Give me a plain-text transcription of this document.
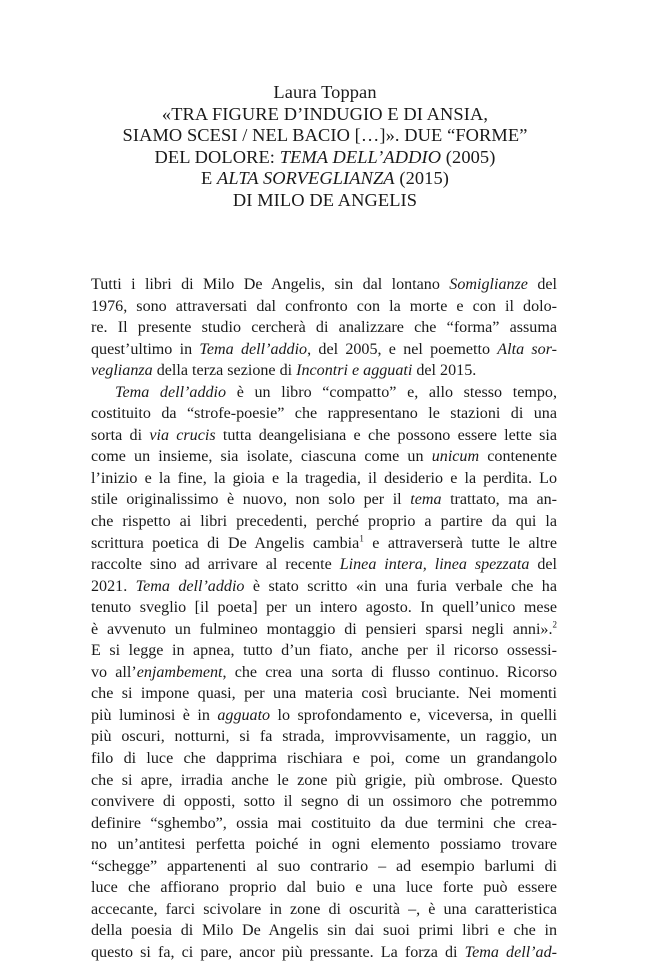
Laura Toppan
«TRA FIGURE D’INDUGIO E DI ANSIA,
SIAMO SCESI / NEL BACIO […]». DUE “FORME”
DEL DOLORE: TEMA DELL’ADDIO (2005)
E ALTA SORVEGLIANZA (2015)
DI MILO DE ANGELIS
Tutti i libri di Milo De Angelis, sin dal lontano Somiglianze del
1976, sono attraversati dal confronto con la morte e con il dolo-
re. Il presente studio cercherà di analizzare che “forma” assuma
quest’ultimo in Tema dell’addio, del 2005, e nel poemetto Alta sor-
veglianza della terza sezione di Incontri e agguati del 2015.
Tema dell’addio è un libro “compatto” e, allo stesso tempo,
costituito da “strofe-poesie” che rappresentano le stazioni di una
sorta di via crucis tutta deangelisiana e che possono essere lette sia
come un insieme, sia isolate, ciascuna come un unicum contenente
l’inizio e la fine, la gioia e la tragedia, il desiderio e la perdita. Lo
stile originalissimo è nuovo, non solo per il tema trattato, ma an-
che rispetto ai libri precedenti, perché proprio a partire da qui la
scrittura poetica di De Angelis cambia$^1$ e attraverserà tutte le altre
raccolte sino ad arrivare al recente Linea intera, linea spezzata del
2021. Tema dell’addio è stato scritto «in una furia verbale che ha
tenuto sveglio [il poeta] per un intero agosto. In quell’unico mese
è avvenuto un fulmineo montaggio di pensieri sparsi negli anni».$^2$
E si legge in apnea, tutto d’un fiato, anche per il ricorso ossessi-
vo all’enjambement, che crea una sorta di flusso continuo. Ricorso
che si impone quasi, per una materia così bruciante. Nei momenti
più luminosi è in agguato lo sprofondamento e, viceversa, in quelli
più oscuri, notturni, si fa strada, improvvisamente, un raggio, un
filo di luce che dapprima rischiara e poi, come un grandangolo
che si apre, irradia anche le zone più grigie, più ombrose. Questo
convivere di opposti, sotto il segno di un ossimoro che potremmo
definire “sghembo”, ossia mai costituito da due termini che crea-
no un’antitesi perfetta poiché in ogni elemento possiamo trovare
“schegge” appartenenti al suo contrario – ad esempio barlumi di
luce che affiorano proprio dal buio e una luce forte può essere
accecante, farci scivolare in zone di oscurità –, è una caratteristica
della poesia di Milo De Angelis sin dai suoi primi libri e che in
questo si fa, ci pare, ancor più pressante. La forza di Tema dell’ad-
